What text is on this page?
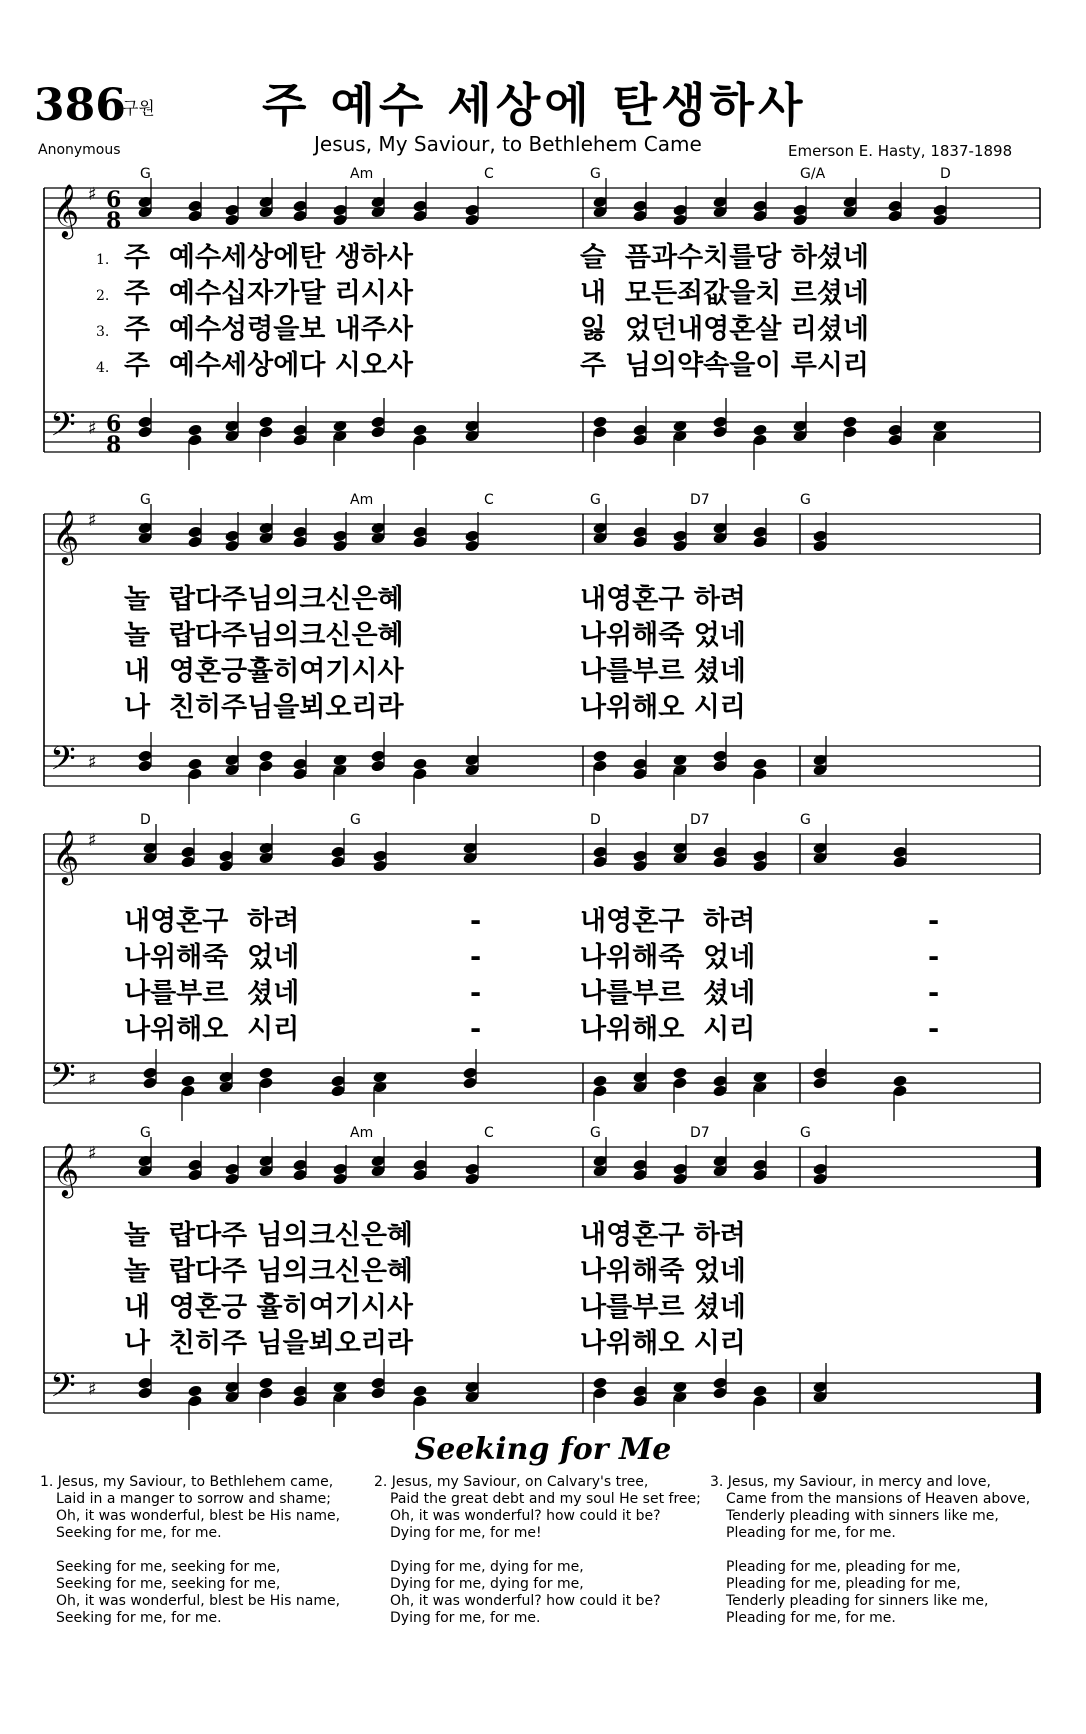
386
구원 주 예수 세상에 탄생하사
Jesus, My Saviour, to Bethlehem Came
Anonymous	Emerson E. Hasty, 1837-1898
𝄞
𝄢
♯
♯
6
8
6
8
G	Am	C	G	G/A	D
𝄞
𝄢
♯
♯
G	Am	C	G	D7	G
𝄞
𝄢
♯
♯
D	G	D	D7	G
𝄞
𝄢
♯
♯
G	Am	C	G	D7	G
1. 주  예수세상에탄 생하사	슬  픔과수치를당 하셨네
2. 주  예수십자가달 리시사	내  모든죄값을치 르셨네
3. 주  예수성령을보 내주사	잃  었던내영혼살 리셨네
4. 주  예수세상에다 시오사	주  님의약속을이 루시리
놀  랍다주님의크신은혜	내영혼구 하려
놀  랍다주님의크신은혜	나위해죽 었네
내  영혼긍휼히여기시사	나를부르 셨네
나  친히주님을뵈오리라	나위해오 시리
내영혼구  하려	-	내영혼구  하려	-
나위해죽  었네	-	나위해죽  었네	-
나를부르  셨네	-	나를부르  셨네	-
나위해오  시리	-	나위해오  시리	-
놀  랍다주 님의크신은혜	내영혼구 하려
놀  랍다주 님의크신은혜	나위해죽 었네
내  영혼긍 휼히여기시사	나를부르 셨네
나  친히주 님을뵈오리라	나위해오 시리
Seeking for Me
1. Jesus, my Saviour, to Bethlehem came,
Laid in a manger to sorrow and shame;
Oh, it was wonderful, blest be His name,
Seeking for me, for me.
Seeking for me, seeking for me,
Seeking for me, seeking for me,
Oh, it was wonderful, blest be His name,
Seeking for me, for me.
2. Jesus, my Saviour, on Calvary's tree,
Paid the great debt and my soul He set free;
Oh, it was wonderful? how could it be?
Dying for me, for me!
Dying for me, dying for me,
Dying for me, dying for me,
Oh, it was wonderful? how could it be?
Dying for me, for me.
3. Jesus, my Saviour, in mercy and love,
Came from the mansions of Heaven above,
Tenderly pleading with sinners like me,
Pleading for me, for me.
Pleading for me, pleading for me,
Pleading for me, pleading for me,
Tenderly pleading for sinners like me,
Pleading for me, for me.
